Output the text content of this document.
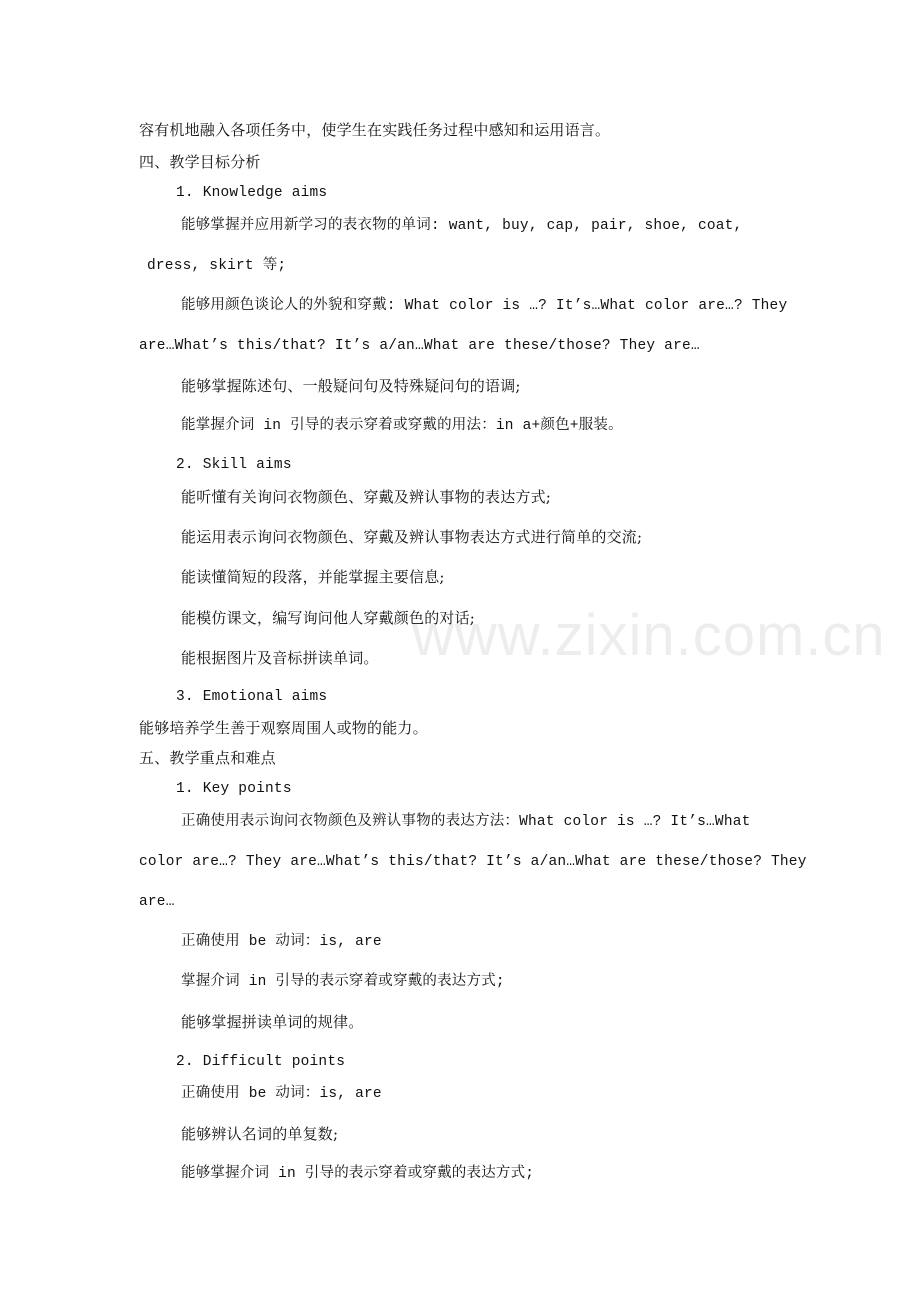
www.zixin.com.cn
容有机地融入各项任务中，使学生在实践任务过程中感知和运用语言。
四、教学目标分析
1. Knowledge aims
能够掌握并应用新学习的表衣物的单词: want, buy, cap, pair, shoe, coat,
dress, skirt 等;
能够用颜色谈论人的外貌和穿戴: What color is …? It’s…What color are…? They
are…What’s this/that? It’s a/an…What are these/those? They are…
能够掌握陈述句、一般疑问句及特殊疑问句的语调;
能掌握介词 in 引导的表示穿着或穿戴的用法：in a+颜色+服装。
2. Skill aims
能听懂有关询问衣物颜色、穿戴及辨认事物的表达方式;
能运用表示询问衣物颜色、穿戴及辨认事物表达方式进行简单的交流;
能读懂简短的段落，并能掌握主要信息;
能模仿课文，编写询问他人穿戴颜色的对话;
能根据图片及音标拼读单词。
3. Emotional aims
能够培养学生善于观察周围人或物的能力。
五、教学重点和难点
1. Key points
正确使用表示询问衣物颜色及辨认事物的表达方法：What color is …? It’s…What
color are…? They are…What’s this/that? It’s a/an…What are these/those? They
are…
正确使用 be 动词：is, are
掌握介词 in 引导的表示穿着或穿戴的表达方式;
能够掌握拼读单词的规律。
2. Difficult points
正确使用 be 动词：is, are
能够辨认名词的单复数;
能够掌握介词 in 引导的表示穿着或穿戴的表达方式;
